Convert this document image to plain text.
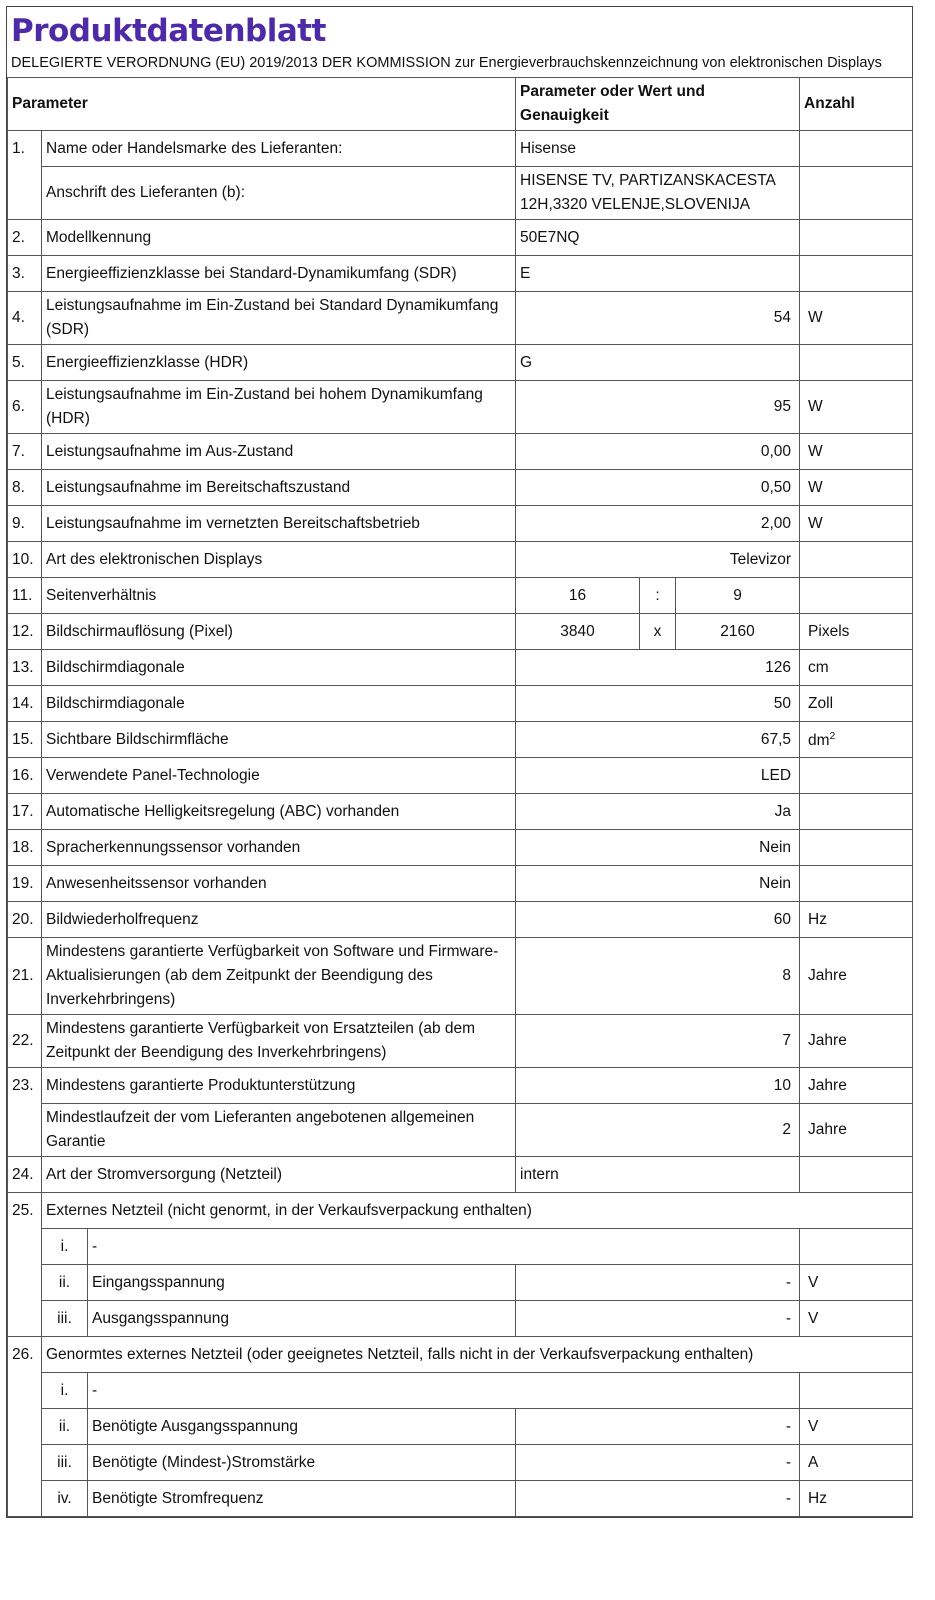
Produktdatenblatt
DELEGIERTE VERORDNUNG (EU) 2019/2013 DER KOMMISSION zur Energieverbrauchskennzeichnung von elektronischen Displays
Parameter			Parameter oder Wert und Genauigkeit			Anzahl
1.	Name oder Handelsmarke des Lieferanten:		Hisense			
	Anschrift des Lieferanten (b):		HISENSE TV, PARTIZANSKACESTA
12H,3320 VELENJE,SLOVENIJA			
2.	Modellkennung		50E7NQ			
3.	Energieeffizienzklasse bei Standard-Dynamikumfang (SDR)		E			
4.	Leistungsaufnahme im Ein-Zustand bei Standard Dynamikumfang (SDR)		54			W
5.	Energieeffizienzklasse (HDR)		G			
6.	Leistungsaufnahme im Ein-Zustand bei hohem Dynamikumfang (HDR)		95			W
7.	Leistungsaufnahme im Aus-Zustand		0,00			W
8.	Leistungsaufnahme im Bereitschaftszustand		0,50			W
9.	Leistungsaufnahme im vernetzten Bereitschaftsbetrieb		2,00			W
10.	Art des elektronischen Displays		Televizor			
11.	Seitenverhältnis		16	:	9	
12.	Bildschirmauflösung (Pixel)		3840	x	2160	Pixels
13.	Bildschirmdiagonale		126			cm
14.	Bildschirmdiagonale		50			Zoll
15.	Sichtbare Bildschirmfläche		67,5			$dm^2$
16.	Verwendete Panel-Technologie		LED			
17.	Automatische Helligkeitsregelung (ABC) vorhanden		Ja			
18.	Spracherkennungssensor vorhanden		Nein			
19.	Anwesenheitssensor vorhanden		Nein			
20.	Bildwiederholfrequenz		60			Hz
21.	Mindestens garantierte Verfügbarkeit von Software und Firmware-Aktualisierungen (ab dem Zeitpunkt der Beendigung des Inverkehrbringens)		8			Jahre
22.	Mindestens garantierte Verfügbarkeit von Ersatzteilen (ab dem Zeitpunkt der Beendigung des Inverkehrbringens)		7			Jahre
23.	Mindestens garantierte Produktunterstützung		10			Jahre
	Mindestlaufzeit der vom Lieferanten angebotenen allgemeinen Garantie		2			Jahre
24.	Art der Stromversorgung (Netzteil)		intern			
25.	Externes Netzteil (nicht genormt, in der Verkaufsverpackung enthalten)					
	i.	-				
	ii.	Eingangsspannung	-			V
	iii.	Ausgangsspannung	-			V
26.	Genormtes externes Netzteil (oder geeignetes Netzteil, falls nicht in der Verkaufsverpackung enthalten)					
	i.	-				
	ii.	Benötigte Ausgangsspannung	-			V
	iii.	Benötigte (Mindest-)Stromstärke	-			A
	iv.	Benötigte Stromfrequenz	-			Hz
